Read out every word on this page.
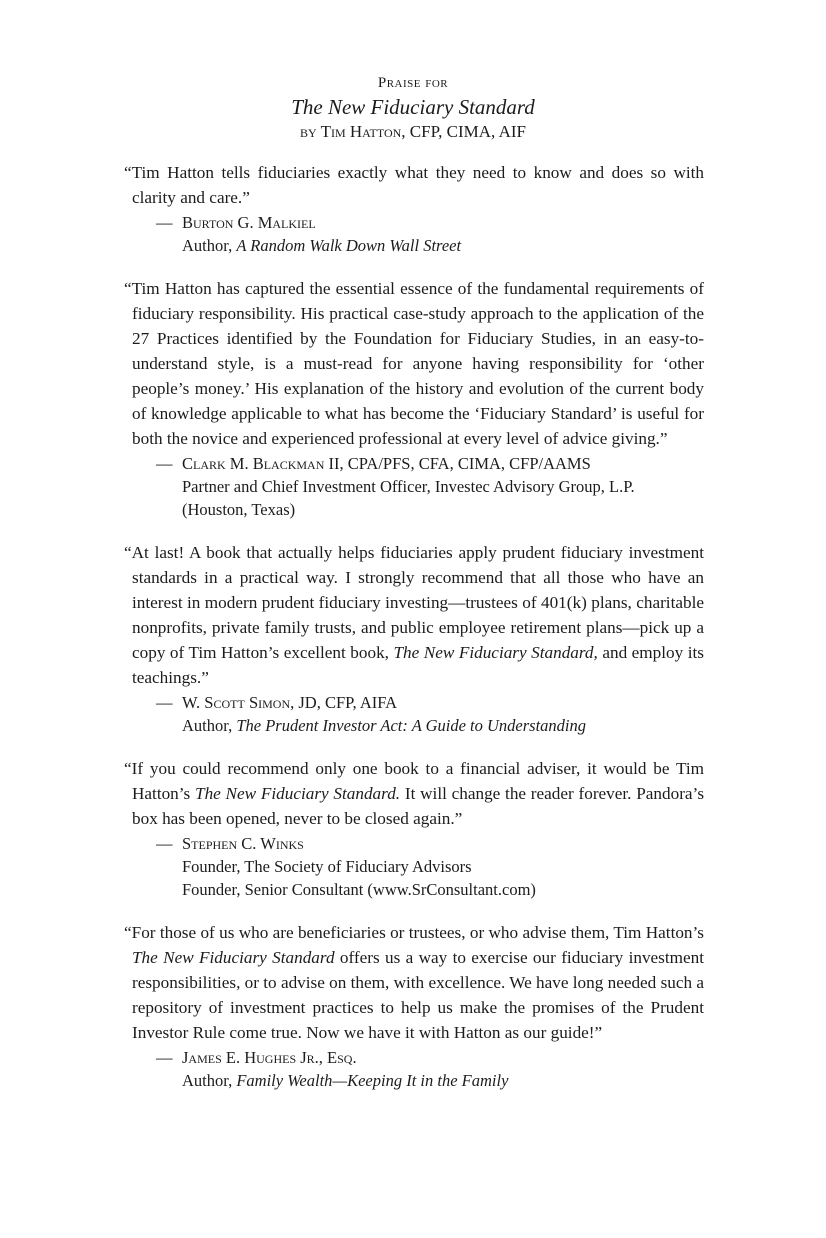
Praise for
The New Fiduciary Standard
by Tim Hatton, CFP, CIMA, AIF

“Tim Hatton tells fiduciaries exactly what they need to know and does so with clarity and care.”

— Burton G. Malkiel
Author, A Random Walk Down Wall Street

“Tim Hatton has captured the essential essence of the fundamental requirements of fiduciary responsibility. His practical case-study approach to the application of the 27 Practices identified by the Foundation for Fiduciary Studies, in an easy-to-understand style, is a must-read for anyone having responsibility for ‘other people’s money.’ His explanation of the history and evolution of the current body of knowledge applicable to what has become the ‘Fiduciary Standard’ is useful for both the novice and experienced professional at every level of advice giving.”

— Clark M. Blackman II, CPA/PFS, CFA, CIMA, CFP/AAMS
Partner and Chief Investment Officer, Investec Advisory Group, L.P.
(Houston, Texas)

“At last! A book that actually helps fiduciaries apply prudent fiduciary investment standards in a practical way. I strongly recommend that all those who have an interest in modern prudent fiduciary investing—trustees of 401(k) plans, charitable nonprofits, private family trusts, and public employee retirement plans—pick up a copy of Tim Hatton’s excellent book, The New Fiduciary Standard, and employ its teachings.”

— W. Scott Simon, JD, CFP, AIFA
Author, The Prudent Investor Act: A Guide to Understanding

“If you could recommend only one book to a financial adviser, it would be Tim Hatton’s The New Fiduciary Standard. It will change the reader forever. Pandora’s box has been opened, never to be closed again.”

— Stephen C. Winks
Founder, The Society of Fiduciary Advisors
Founder, Senior Consultant (www.SrConsultant.com)

“For those of us who are beneficiaries or trustees, or who advise them, Tim Hatton’s The New Fiduciary Standard offers us a way to exercise our fiduciary investment responsibilities, or to advise on them, with excellence. We have long needed such a repository of investment practices to help us make the promises of the Prudent Investor Rule come true. Now we have it with Hatton as our guide!”

— James E. Hughes Jr., Esq.
Author, Family Wealth—Keeping It in the Family
